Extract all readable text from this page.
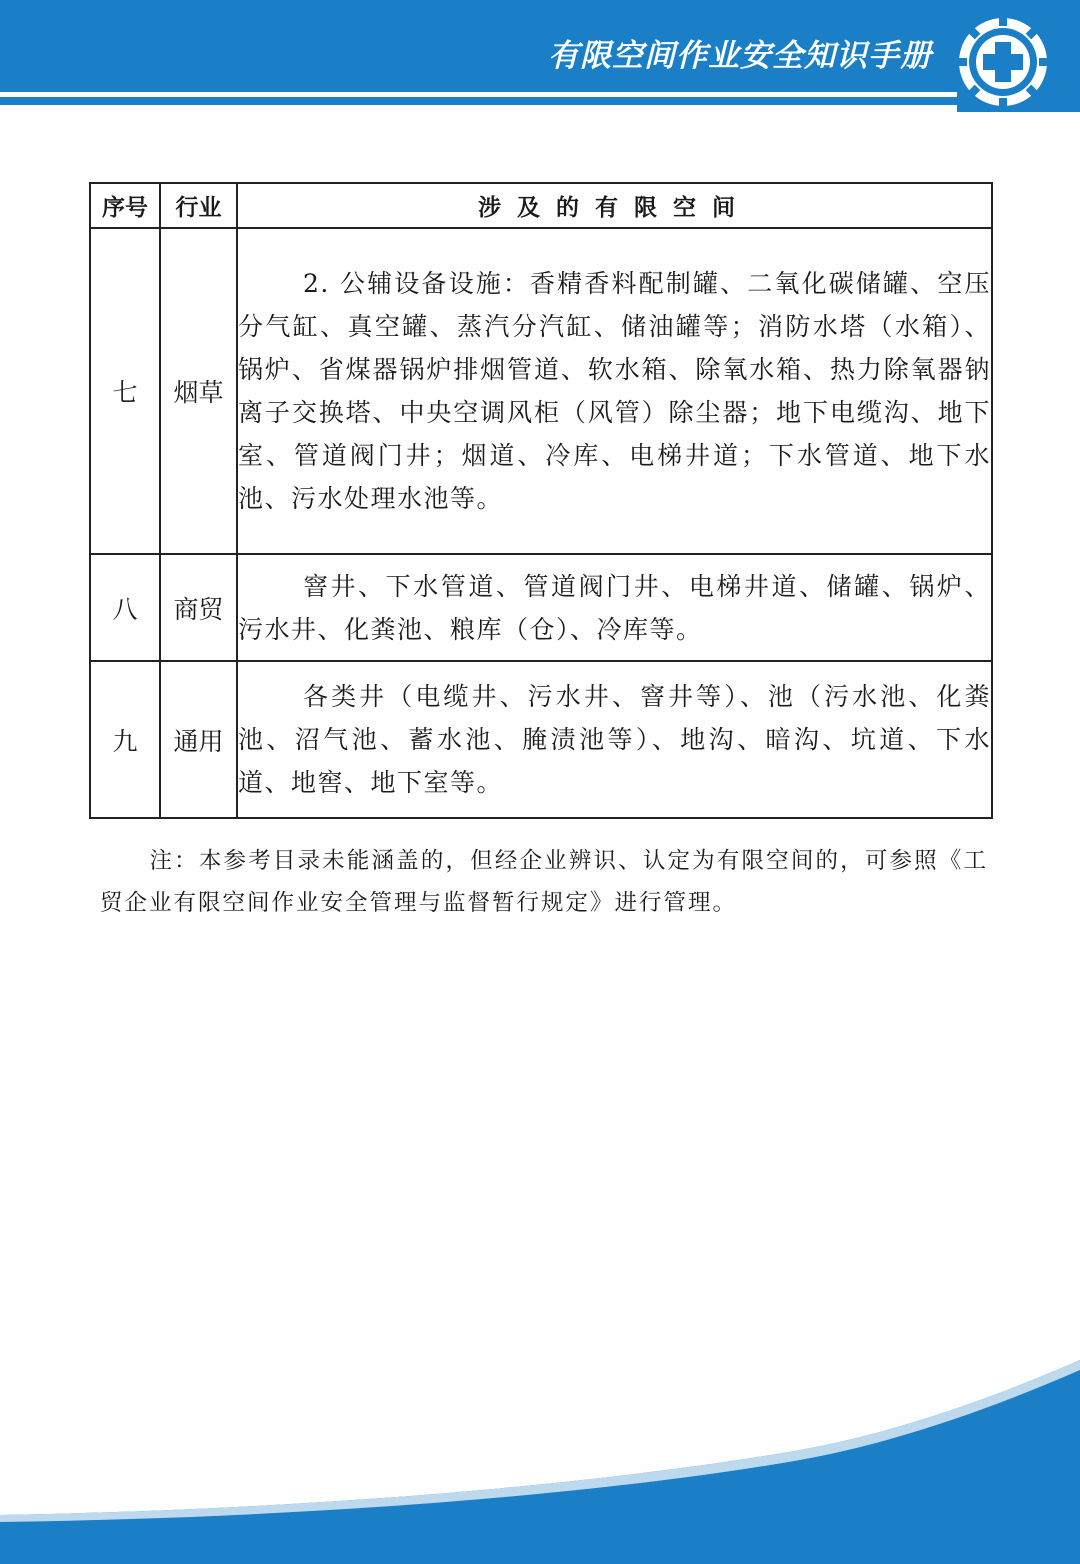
有限空间作业安全知识手册
序号	行业	涉及的有限空间
七	烟草	2. 公辅设备设施：香精香料配制罐、二氧化碳储罐、空压分气缸、真空罐、蒸汽分汽缸、储油罐等；消防水塔（水箱）、锅炉、省煤器锅炉排烟管道、软水箱、除氧水箱、热力除氧器钠离子交换塔、中央空调风柜（风管）除尘器；地下电缆沟、地下室、管道阀门井；烟道、冷库、电梯井道；下水管道、地下水池、污水处理水池等。
八	商贸	窨井、下水管道、管道阀门井、电梯井道、储罐、锅炉、污水井、化粪池、粮库（仓）、冷库等。
九	通用	各类井（电缆井、污水井、窨井等）、池（污水池、化粪池、沼气池、蓄水池、腌渍池等）、地沟、暗沟、坑道、下水道、地窖、地下室等。
注：本参考目录未能涵盖的，但经企业辨识、认定为有限空间的，可参照《工贸企业有限空间作业安全管理与监督暂行规定》进行管理。
44
